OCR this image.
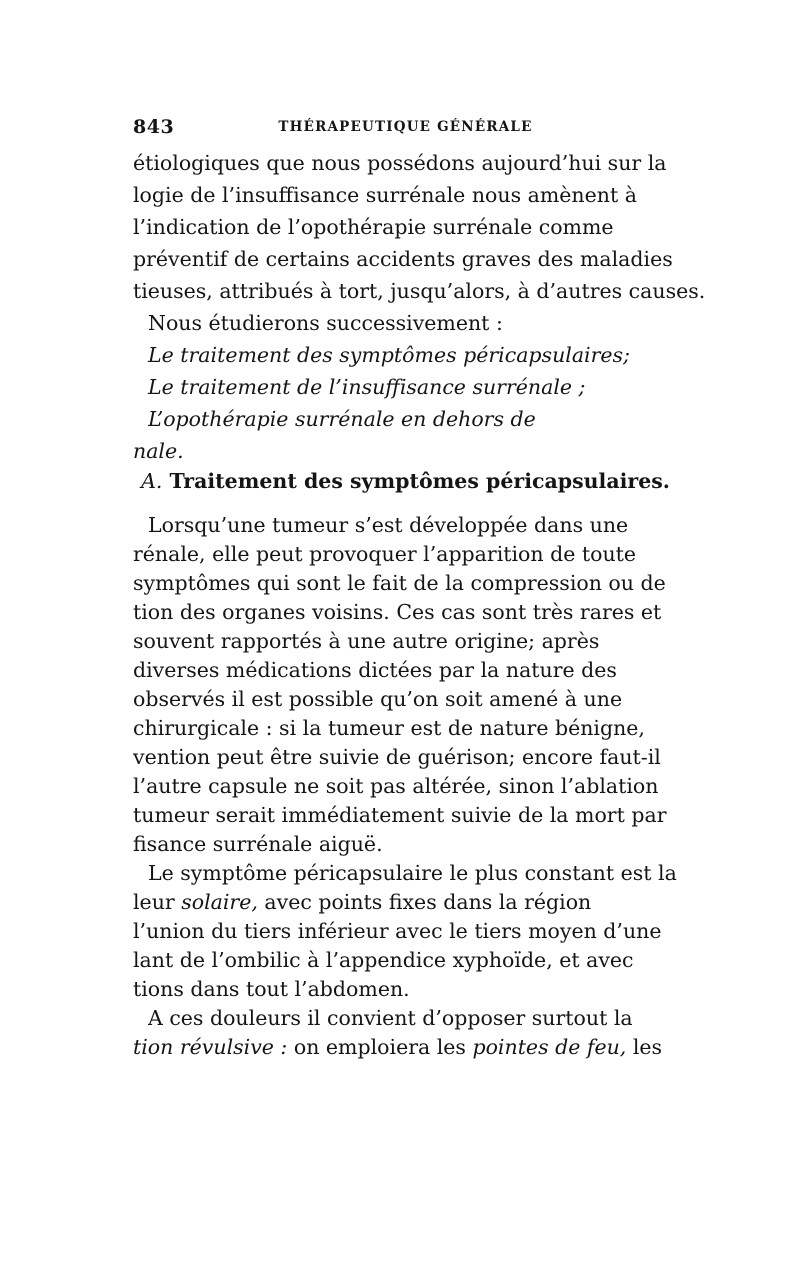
843	THÉRAPEUTIQUE GÉNÉRALE
étiologiques que nous possédons aujourd’hui sur la
logie de l’insuffisance surrénale nous amènent à
l’indication de l’opothérapie surrénale comme
préventif de certains accidents graves des maladies
tieuses, attribués à tort, jusqu’alors, à d’autres causes.
Nous étudierons successivement :
Le traitement des symptômes péricapsulaires;
Le traitement de l’insuffisance surrénale ;
L’opothérapie surrénale en dehors de
nale.
A. Traitement des symptômes péricapsulaires.
Lorsqu’une tumeur s’est développée dans une
rénale, elle peut provoquer l’apparition de toute
symptômes qui sont le fait de la compression ou de
tion des organes voisins. Ces cas sont très rares et
souvent rapportés à une autre origine; après
diverses médications dictées par la nature des
observés il est possible qu’on soit amené à une
chirurgicale : si la tumeur est de nature bénigne,
vention peut être suivie de guérison; encore faut-il
l’autre capsule ne soit pas altérée, sinon l’ablation
tumeur serait immédiatement suivie de la mort par
fisance surrénale aiguë.
Le symptôme péricapsulaire le plus constant est la
leur solaire, avec points fixes dans la région
l’union du tiers inférieur avec le tiers moyen d’une
lant de l’ombilic à l’appendice xyphoïde, et avec
tions dans tout l’abdomen.
A ces douleurs il convient d’opposer surtout la
tion révulsive : on emploiera les pointes de feu, les
